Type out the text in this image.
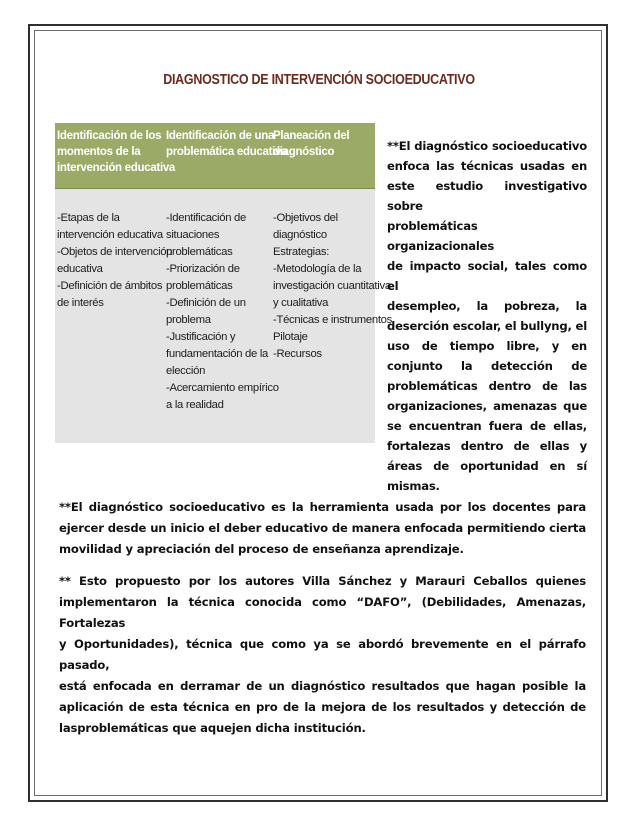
DIAGNOSTICO DE INTERVENCIÓN SOCIOEDUCATIVO
Identificación de los
momentos de la
intervención educativa
Identificación de una
problemática educativa
Planeación del
diagnóstico
-Etapas de la
intervención educativa
-Objetos de intervención
educativa
-Definición de ámbitos
de interés
-Identificación de
situaciones
problemáticas
-Priorización de
problemáticas
-Definición de un
problema
-Justificación y
fundamentación de la
elección
-Acercamiento empírico
a la realidad
-Objetivos del
diagnóstico
Estrategias:
-Metodología de la
investigación cuantitativa
y cualitativa
-Técnicas e instrumentos
Pilotaje
-Recursos
**El diagnóstico socioeducativo
enfoca las técnicas usadas en
este estudio investigativo sobre
problemáticas organizacionales
de impacto social, tales como el
desempleo, la pobreza, la
deserción escolar, el bullyng, el
uso de tiempo libre, y en
conjunto la detección de
problemáticas dentro de las
organizaciones, amenazas que
se encuentran fuera de ellas,
fortalezas dentro de ellas y
áreas de oportunidad en sí
mismas.
**El diagnóstico socioeducativo es la herramienta usada por los docentes para
ejercer desde un inicio el deber educativo de manera enfocada permitiendo cierta
movilidad y apreciación del proceso de enseñanza aprendizaje.
** Esto propuesto por los autores Villa Sánchez y Marauri Ceballos quienes
implementaron la técnica conocida como “DAFO”, (Debilidades, Amenazas, Fortalezas
y Oportunidades), técnica que como ya se abordó brevemente en el párrafo pasado,
está enfocada en derramar de un diagnóstico resultados que hagan posible la
aplicación de esta técnica en pro de la mejora de los resultados y detección de
lasproblemáticas que aquejen dicha institución.
